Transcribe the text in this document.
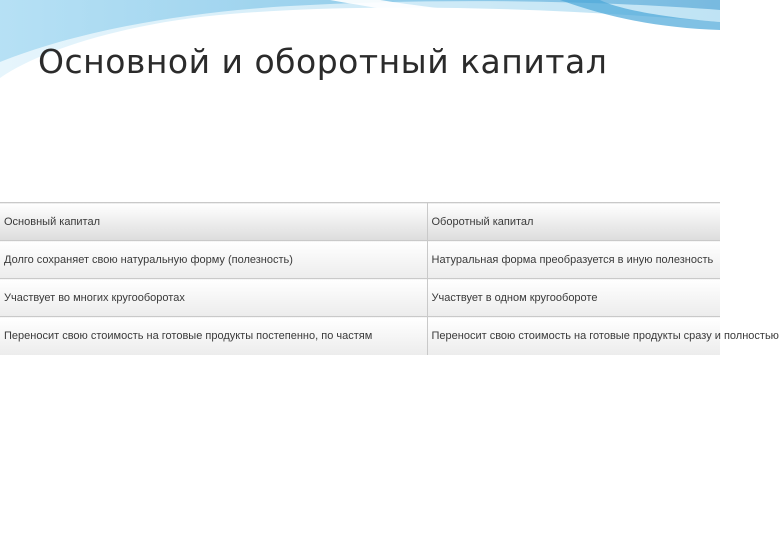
Основной и оборотный капитал
Основный капитал	Оборотный капитал
Долго сохраняет свою натуральную форму (полезность)	Натуральная форма преобразуется в иную полезность
Участвует во многих кругооборотах	Участвует в одном кругообороте
Переносит свою стоимость на готовые продукты постепенно, по частям	Переносит свою стоимость на готовые продукты сразу и полностью
